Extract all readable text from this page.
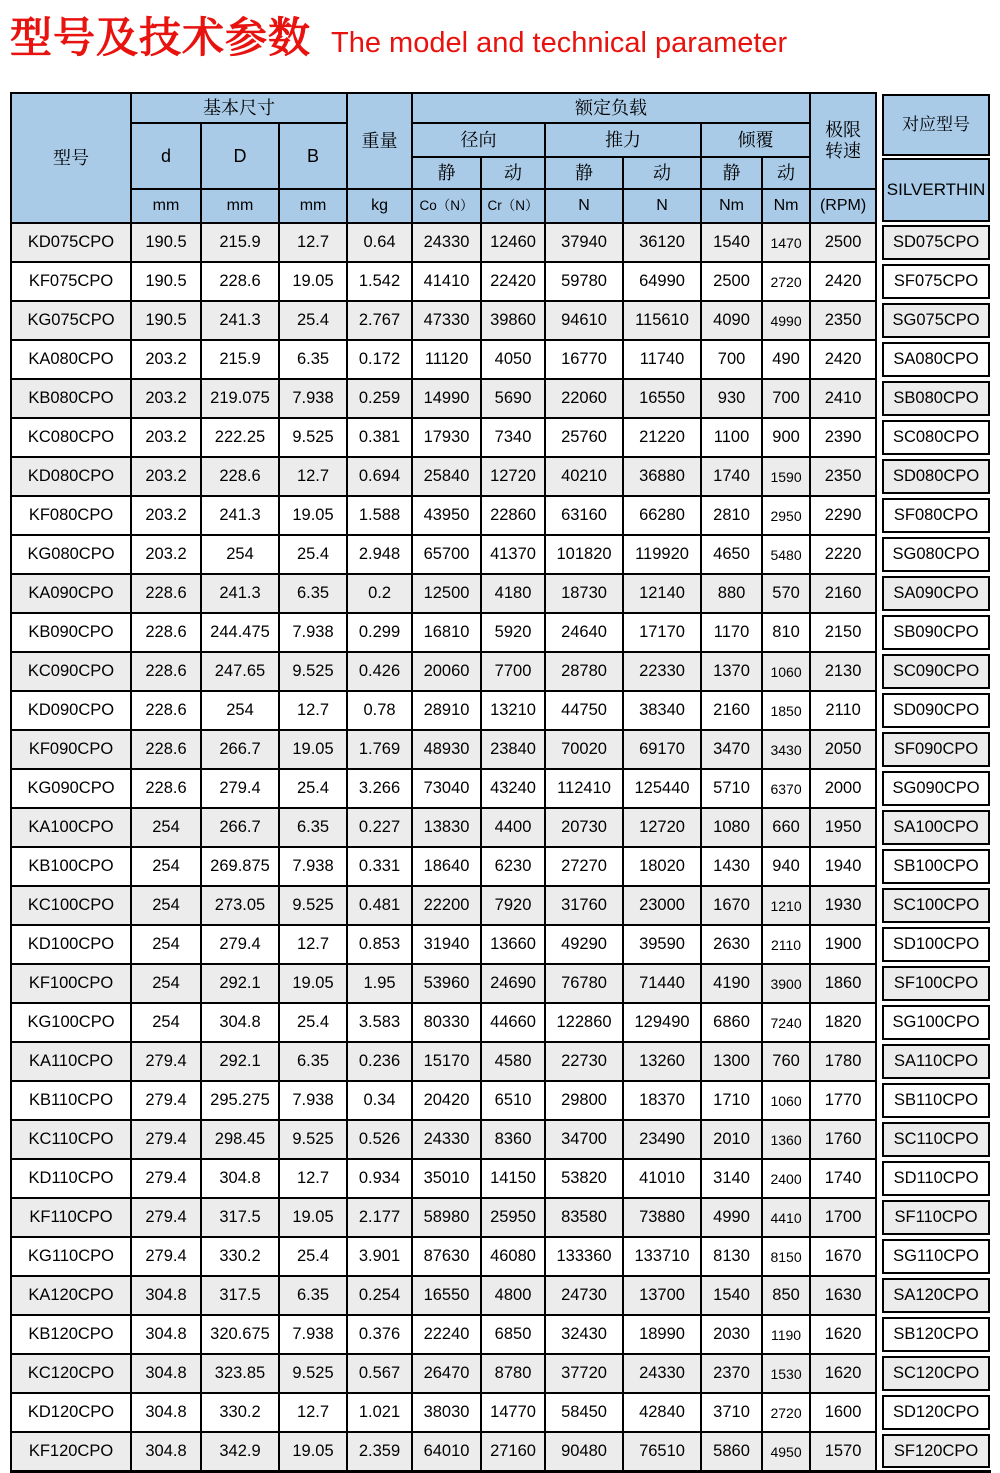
型号及技术参数 The model and technical parameter
型号	基本尺寸			重量	额定负载						极限转速	对应型号

	d	D	B		径向		推力		倾覆			
					静	动	静	动	静	动		SILVERTHIN

	mm	mm	mm	kg	Co（N）	Cr（N）	N	N	Nm	Nm	(RPM)	
KD075CPO	190.5	215.9	12.7	0.64	24330	12460	37940	36120	1540	1470	2500	SD075CPO

KF075CPO	190.5	228.6	19.05	1.542	41410	22420	59780	64990	2500	2720	2420	SF075CPO

KG075CPO	190.5	241.3	25.4	2.767	47330	39860	94610	115610	4090	4990	2350	SG075CPO

KA080CPO	203.2	215.9	6.35	0.172	11120	4050	16770	11740	700	490	2420	SA080CPO

KB080CPO	203.2	219.075	7.938	0.259	14990	5690	22060	16550	930	700	2410	SB080CPO

KC080CPO	203.2	222.25	9.525	0.381	17930	7340	25760	21220	1100	900	2390	SC080CPO

KD080CPO	203.2	228.6	12.7	0.694	25840	12720	40210	36880	1740	1590	2350	SD080CPO

KF080CPO	203.2	241.3	19.05	1.588	43950	22860	63160	66280	2810	2950	2290	SF080CPO

KG080CPO	203.2	254	25.4	2.948	65700	41370	101820	119920	4650	5480	2220	SG080CPO

KA090CPO	228.6	241.3	6.35	0.2	12500	4180	18730	12140	880	570	2160	SA090CPO

KB090CPO	228.6	244.475	7.938	0.299	16810	5920	24640	17170	1170	810	2150	SB090CPO

KC090CPO	228.6	247.65	9.525	0.426	20060	7700	28780	22330	1370	1060	2130	SC090CPO

KD090CPO	228.6	254	12.7	0.78	28910	13210	44750	38340	2160	1850	2110	SD090CPO

KF090CPO	228.6	266.7	19.05	1.769	48930	23840	70020	69170	3470	3430	2050	SF090CPO

KG090CPO	228.6	279.4	25.4	3.266	73040	43240	112410	125440	5710	6370	2000	SG090CPO

KA100CPO	254	266.7	6.35	0.227	13830	4400	20730	12720	1080	660	1950	SA100CPO

KB100CPO	254	269.875	7.938	0.331	18640	6230	27270	18020	1430	940	1940	SB100CPO

KC100CPO	254	273.05	9.525	0.481	22200	7920	31760	23000	1670	1210	1930	SC100CPO

KD100CPO	254	279.4	12.7	0.853	31940	13660	49290	39590	2630	2110	1900	SD100CPO

KF100CPO	254	292.1	19.05	1.95	53960	24690	76780	71440	4190	3900	1860	SF100CPO

KG100CPO	254	304.8	25.4	3.583	80330	44660	122860	129490	6860	7240	1820	SG100CPO

KA110CPO	279.4	292.1	6.35	0.236	15170	4580	22730	13260	1300	760	1780	SA110CPO

KB110CPO	279.4	295.275	7.938	0.34	20420	6510	29800	18370	1710	1060	1770	SB110CPO

KC110CPO	279.4	298.45	9.525	0.526	24330	8360	34700	23490	2010	1360	1760	SC110CPO

KD110CPO	279.4	304.8	12.7	0.934	35010	14150	53820	41010	3140	2400	1740	SD110CPO

KF110CPO	279.4	317.5	19.05	2.177	58980	25950	83580	73880	4990	4410	1700	SF110CPO

KG110CPO	279.4	330.2	25.4	3.901	87630	46080	133360	133710	8130	8150	1670	SG110CPO

KA120CPO	304.8	317.5	6.35	0.254	16550	4800	24730	13700	1540	850	1630	SA120CPO

KB120CPO	304.8	320.675	7.938	0.376	22240	6850	32430	18990	2030	1190	1620	SB120CPO

KC120CPO	304.8	323.85	9.525	0.567	26470	8780	37720	24330	2370	1530	1620	SC120CPO

KD120CPO	304.8	330.2	12.7	1.021	38030	14770	58450	42840	3710	2720	1600	SD120CPO

KF120CPO	304.8	342.9	19.05	2.359	64010	27160	90480	76510	5860	4950	1570	SF120CPO
